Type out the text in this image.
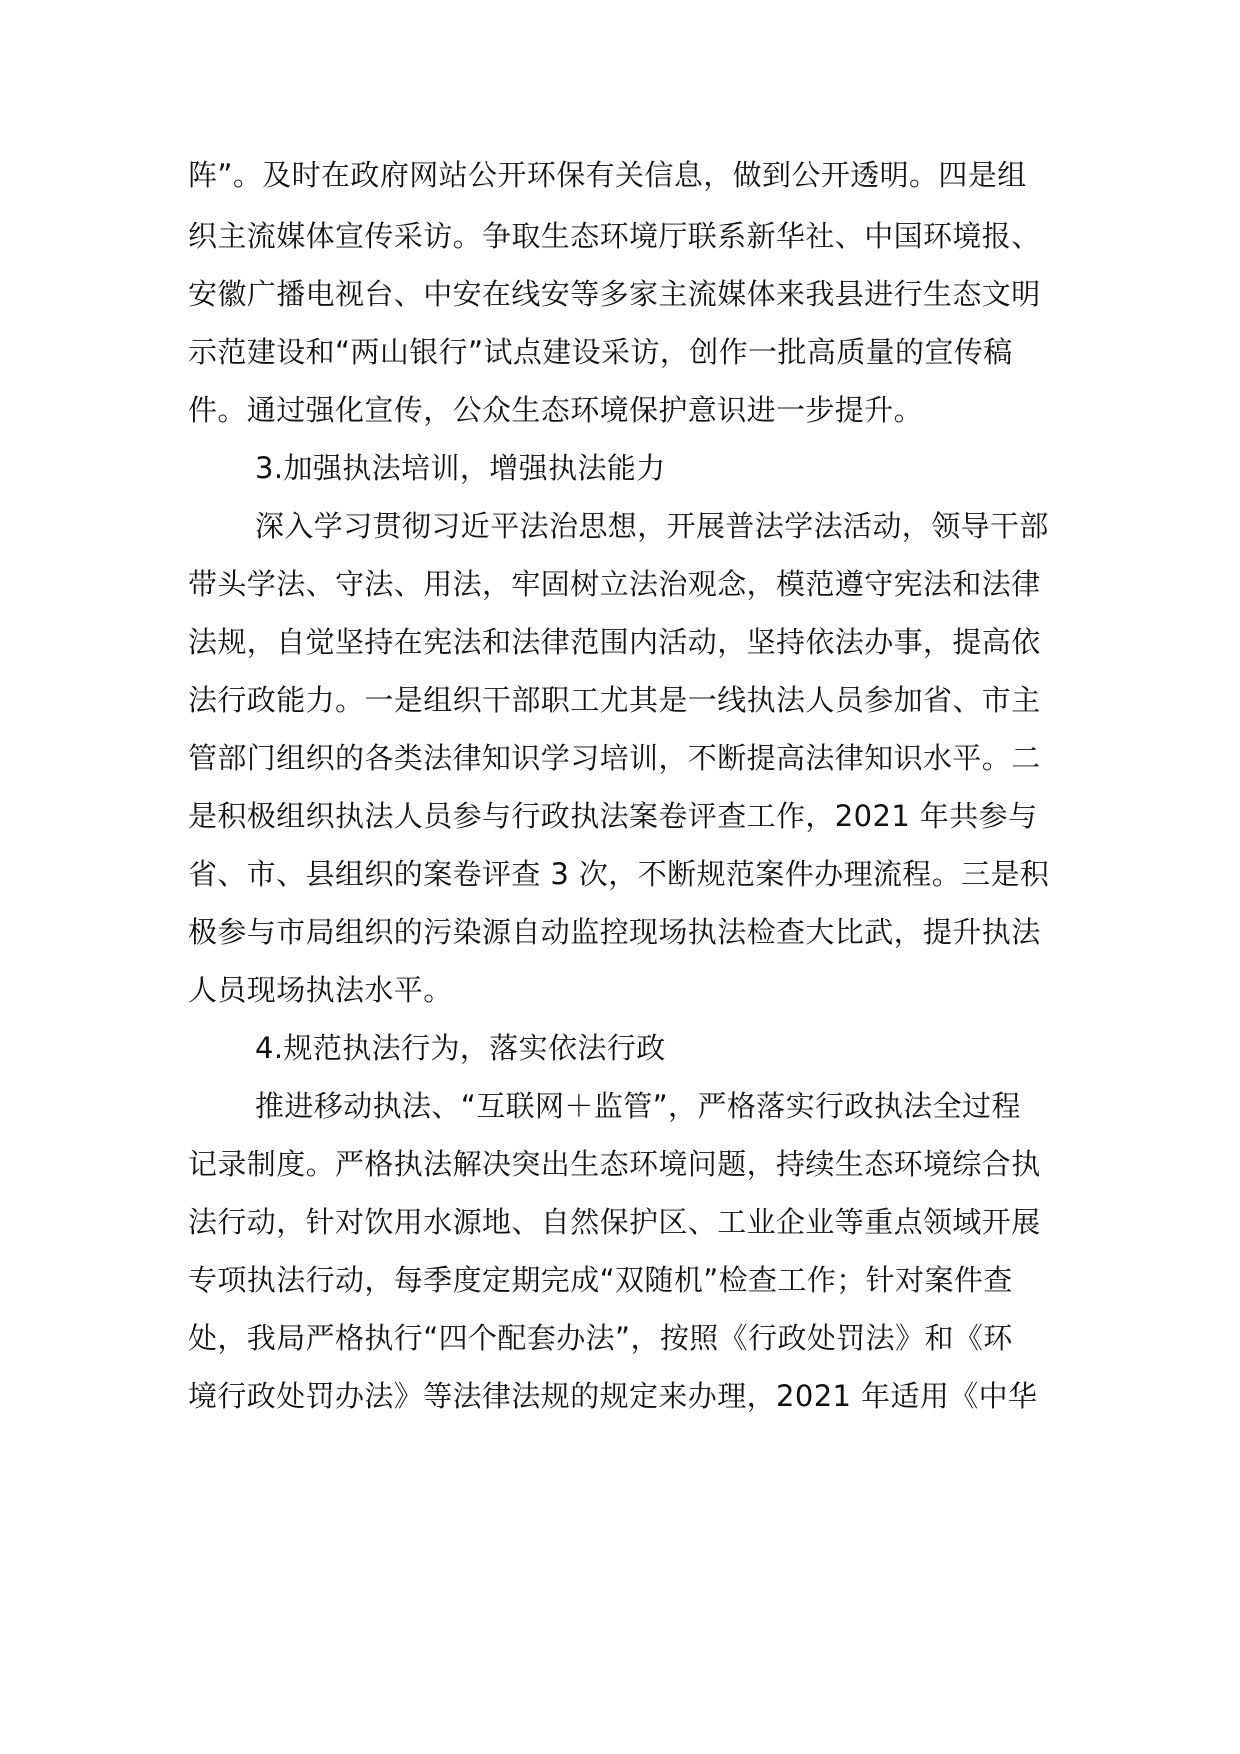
阵”。及时在政府网站公开环保有关信息，做到公开透明。四是组
织主流媒体宣传采访。争取生态环境厅联系新华社、中国环境报、
安徽广播电视台、中安在线安等多家主流媒体来我县进行生态文明
示范建设和“两山银行”试点建设采访，创作一批高质量的宣传稿
件。通过强化宣传，公众生态环境保护意识进一步提升。
3.加强执法培训，增强执法能力
深入学习贯彻习近平法治思想，开展普法学法活动，领导干部
带头学法、守法、用法，牢固树立法治观念，模范遵守宪法和法律
法规，自觉坚持在宪法和法律范围内活动，坚持依法办事，提高依
法行政能力。一是组织干部职工尤其是一线执法人员参加省、市主
管部门组织的各类法律知识学习培训，不断提高法律知识水平。二
是积极组织执法人员参与行政执法案卷评查工作，2021 年共参与
省、市、县组织的案卷评查 3 次，不断规范案件办理流程。三是积
极参与市局组织的污染源自动监控现场执法检查大比武，提升执法
人员现场执法水平。
4.规范执法行为，落实依法行政
推进移动执法、“互联网＋监管”，严格落实行政执法全过程
记录制度。严格执法解决突出生态环境问题，持续生态环境综合执
法行动，针对饮用水源地、自然保护区、工业企业等重点领域开展
专项执法行动，每季度定期完成“双随机”检查工作；针对案件查
处，我局严格执行“四个配套办法”，按照《行政处罚法》和《环
境行政处罚办法》等法律法规的规定来办理，2021 年适用《中华
